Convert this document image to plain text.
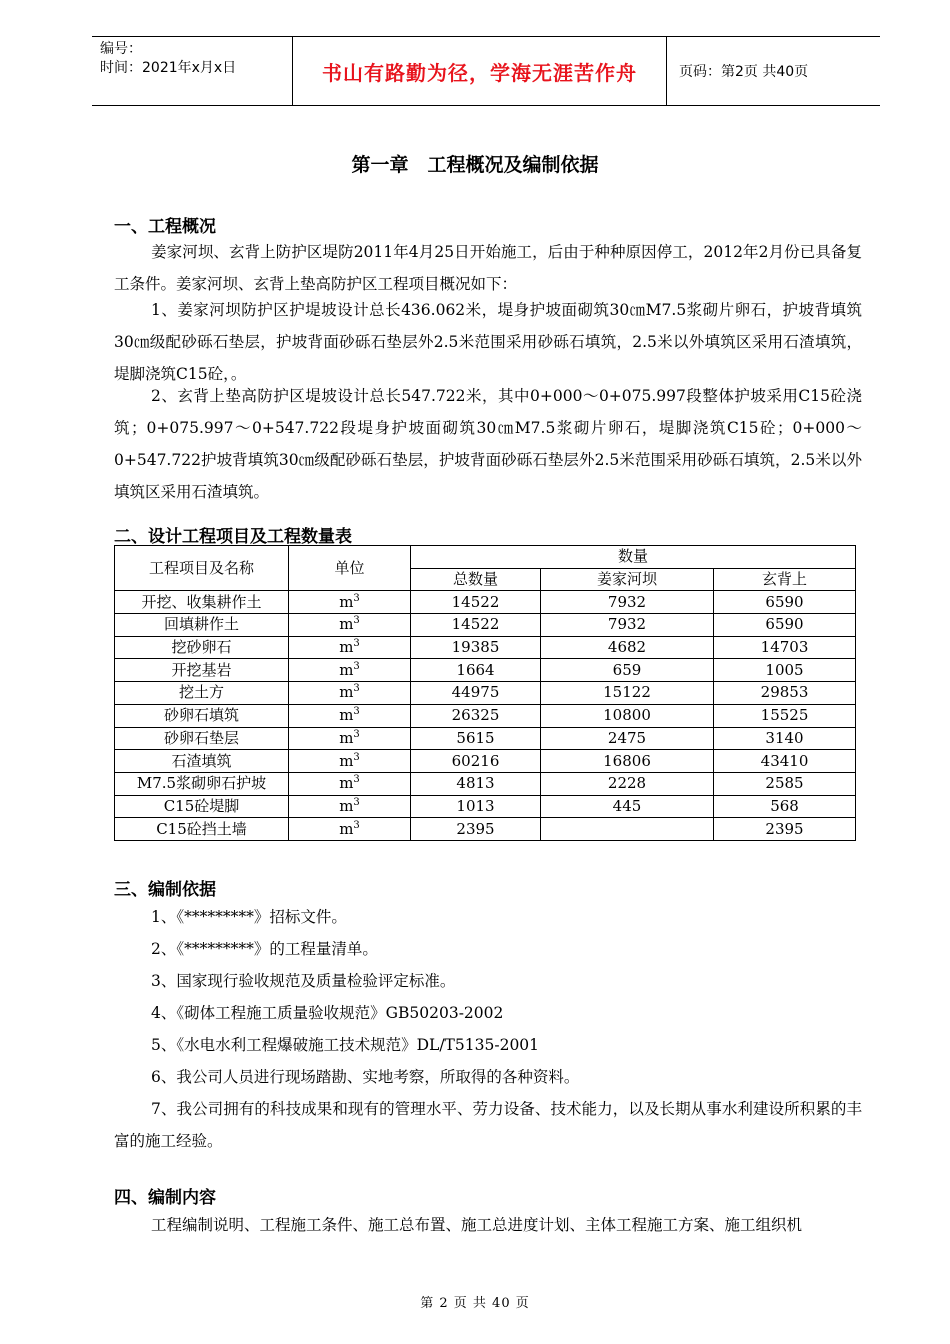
编号：
时间：2021年x月x日	书山有路勤为径，学海无涯苦作舟	页码：第2页 共40页
第一章　工程概况及编制依据
一、工程概况
姜家河坝、玄背上防护区堤防2011年4月25日开始施工，后由于种种原因停工，2012年2月份已具备复工条件。姜家河坝、玄背上垫高防护区工程项目概况如下：
1、姜家河坝防护区护堤坡设计总长436.062米，堤身护坡面砌筑30㎝M7.5浆砌片卵石，护坡背填筑30㎝级配砂砾石垫层，护坡背面砂砾石垫层外2.5米范围采用砂砾石填筑，2.5米以外填筑区采用石渣填筑，堤脚浇筑C15砼，。
2、玄背上垫高防护区堤坡设计总长547.722米，其中0+000～0+075.997段整体护坡采用C15砼浇筑；0+075.997～0+547.722段堤身护坡面砌筑30㎝M7.5浆砌片卵石，堤脚浇筑C15砼；0+000～0+547.722护坡背填筑30㎝级配砂砾石垫层，护坡背面砂砾石垫层外2.5米范围采用砂砾石填筑，2.5米以外填筑区采用石渣填筑。
二、设计工程项目及工程数量表
工程项目及名称	单位	数量		
		总数量	姜家河坝	玄背上
开挖、收集耕作土	$m^3$	14522	7932	6590
回填耕作土	$m^3$	14522	7932	6590
挖砂卵石	$m^3$	19385	4682	14703
开挖基岩	$m^3$	1664	659	1005
挖土方	$m^3$	44975	15122	29853
砂卵石填筑	$m^3$	26325	10800	15525
砂卵石垫层	$m^3$	5615	2475	3140
石渣填筑	$m^3$	60216	16806	43410
M7.5浆砌卵石护坡	$m^3$	4813	2228	2585
C15砼堤脚	$m^3$	1013	445	568
C15砼挡土墙	$m^3$	2395		2395
三、编制依据
1、《*********》招标文件。
2、《*********》的工程量清单。
3、国家现行验收规范及质量检验评定标准。
4、《砌体工程施工质量验收规范》GB50203-2002
5、《水电水利工程爆破施工技术规范》DL/T5135-2001
6、我公司人员进行现场踏勘、实地考察，所取得的各种资料。
7、我公司拥有的科技成果和现有的管理水平、劳力设备、技术能力，以及长期从事水利建设所积累的丰富的施工经验。
四、编制内容
工程编制说明、工程施工条件、施工总布置、施工总进度计划、主体工程施工方案、施工组织机
第 2 页 共 40 页
